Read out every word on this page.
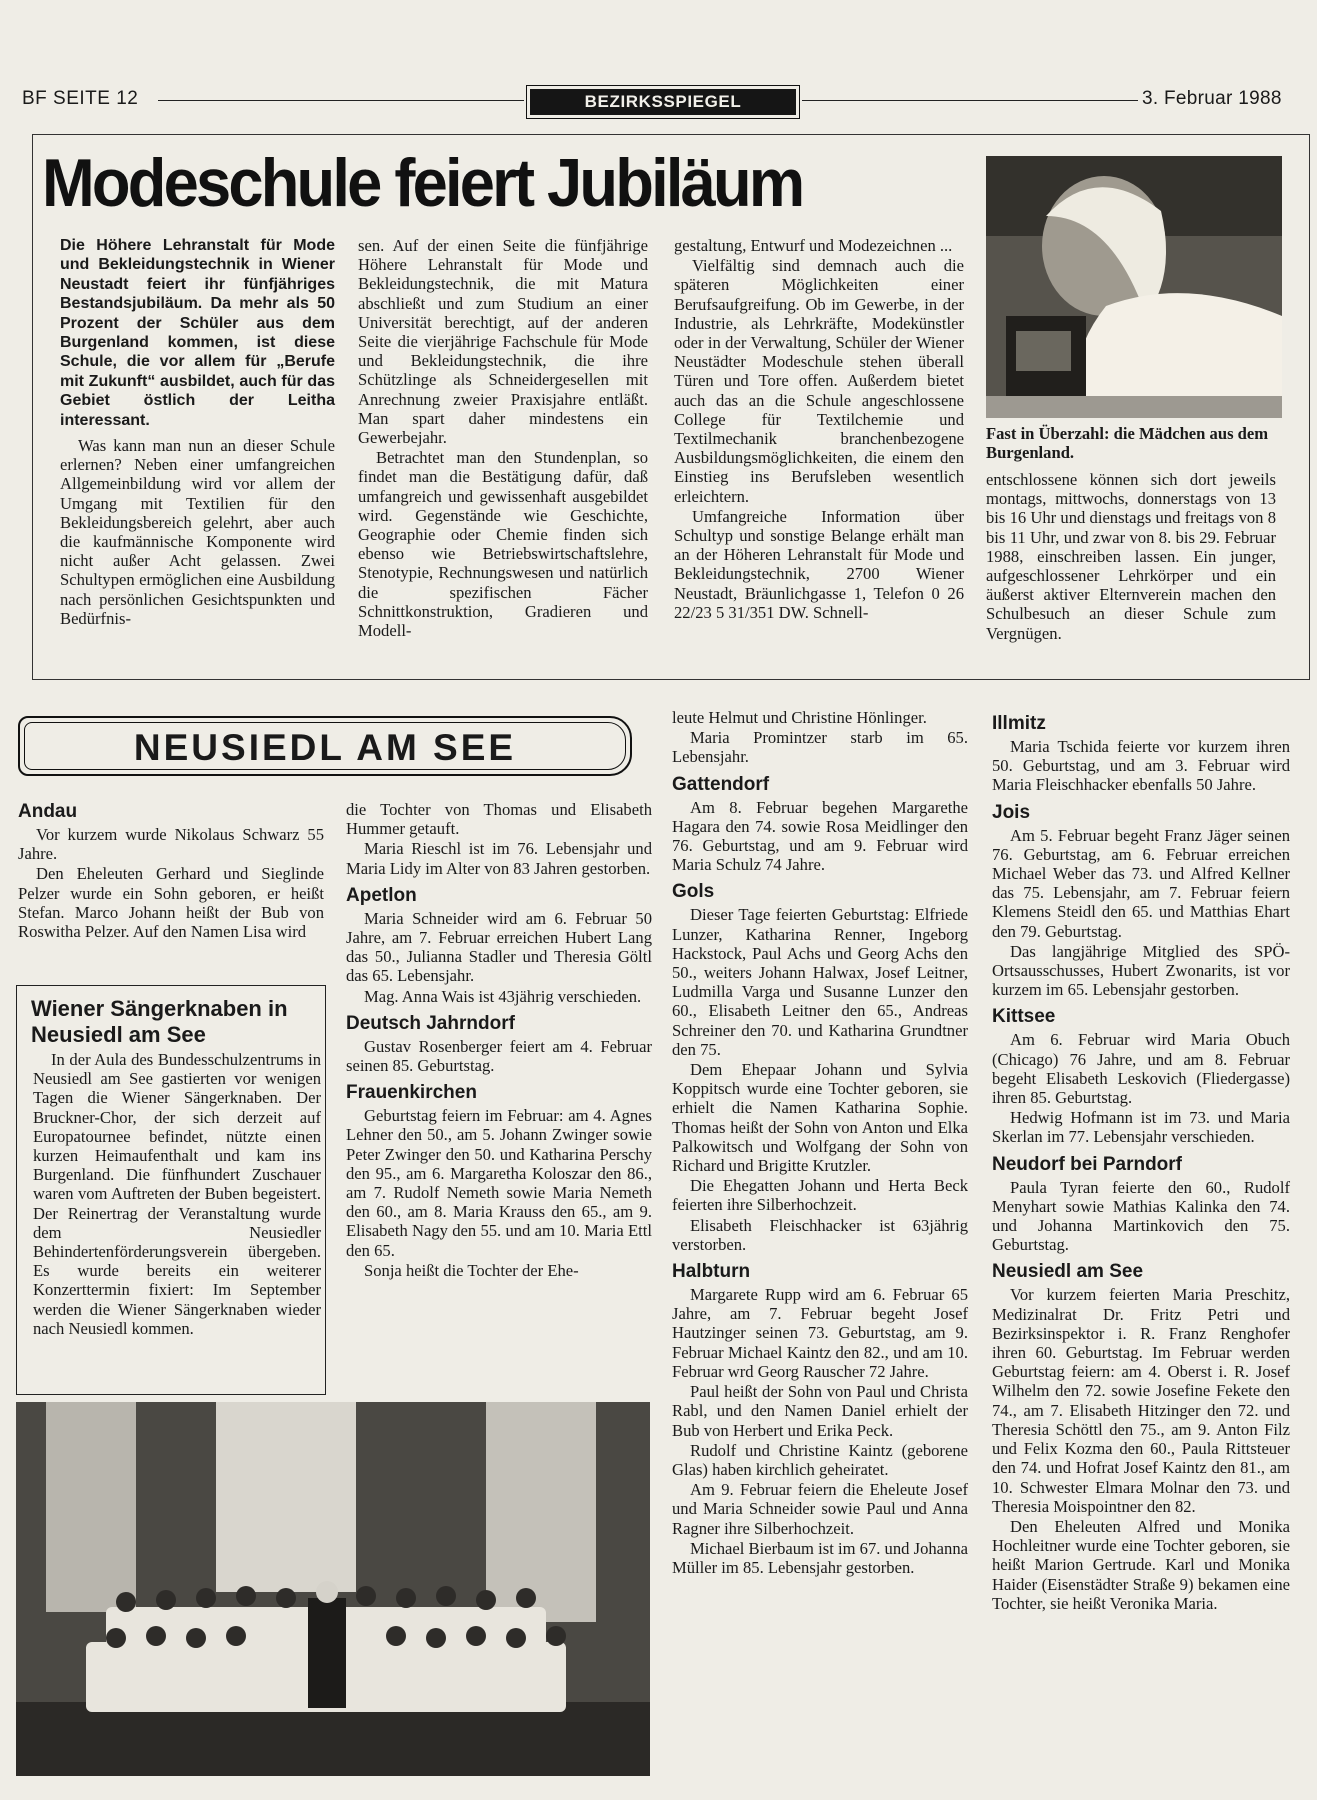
BF SEITE 12	BEZIRKSSPIEGEL	3. Februar 1988
Modeschule feiert Jubiläum

Die Höhere Lehranstalt für Mode und Bekleidungstechnik in Wiener Neustadt feiert ihr fünfjähriges Bestandsjubiläum. Da mehr als 50 Prozent der Schüler aus dem Burgenland kommen, ist diese Schule, die vor allem für „Berufe mit Zukunft“ ausbildet, auch für das Gebiet östlich der Leitha interessant.

Was kann man nun an dieser Schule erlernen? Neben einer umfangreichen Allgemeinbildung wird vor allem der Umgang mit Textilien für den Bekleidungsbereich gelehrt, aber auch die kaufmännische Komponente wird nicht außer Acht gelassen. Zwei Schultypen ermöglichen eine Ausbildung nach persönlichen Gesichtspunkten und Bedürfnis-

sen. Auf der einen Seite die fünfjährige Höhere Lehranstalt für Mode und Bekleidungstechnik, die mit Matura abschließt und zum Studium an einer Universität berechtigt, auf der anderen Seite die vierjährige Fachschule für Mode und Bekleidungstechnik, die ihre Schützlinge als Schneidergesellen mit Anrechnung zweier Praxisjahre entläßt. Man spart daher mindestens ein Gewerbejahr.

Betrachtet man den Stundenplan, so findet man die Bestätigung dafür, daß umfangreich und gewissenhaft ausgebildet wird. Gegenstände wie Geschichte, Geographie oder Chemie finden sich ebenso wie Betriebswirtschaftslehre, Stenotypie, Rechnungswesen und natürlich die spezifischen Fächer Schnittkonstruktion, Gradieren und Modell-

gestaltung, Entwurf und Modezeichnen ...

Vielfältig sind demnach auch die späteren Möglichkeiten einer Berufsaufgreifung. Ob im Gewerbe, in der Industrie, als Lehrkräfte, Modekünstler oder in der Verwaltung, Schüler der Wiener Neustädter Modeschule stehen überall Türen und Tore offen. Außerdem bietet auch das an die Schule angeschlossene College für Textilchemie und Textilmechanik branchenbezogene Ausbildungsmöglichkeiten, die einem den Einstieg ins Berufsleben wesentlich erleichtern.

Umfangreiche Information über Schultyp und sonstige Belange erhält man an der Höheren Lehranstalt für Mode und Bekleidungstechnik, 2700 Wiener Neustadt, Bräunlichgasse 1, Telefon 0 26 22/23 5 31/351 DW. Schnell-

Fast in Überzahl: die Mädchen aus dem Burgenland.

entschlossene können sich dort jeweils montags, mittwochs, donnerstags von 13 bis 16 Uhr und dienstags und freitags von 8 bis 11 Uhr, und zwar von 8. bis 29. Februar 1988, einschreiben lassen. Ein junger, aufgeschlossener Lehrkörper und ein äußerst aktiver Elternverein machen den Schulbesuch an dieser Schule zum Vergnügen.

NEUSIEDL AM SEE
Andau

Vor kurzem wurde Nikolaus Schwarz 55 Jahre.

Den Eheleuten Gerhard und Sieglinde Pelzer wurde ein Sohn geboren, er heißt Stefan. Marco Johann heißt der Bub von Roswitha Pelzer. Auf den Namen Lisa wird

Wiener Sängerknaben in Neusiedl am See

In der Aula des Bundesschulzentrums in Neusiedl am See gastierten vor wenigen Tagen die Wiener Sängerknaben. Der Bruckner-Chor, der sich derzeit auf Europatournee befindet, nützte einen kurzen Heimaufenthalt und kam ins Burgenland. Die fünfhundert Zuschauer waren vom Auftreten der Buben begeistert. Der Reinertrag der Veranstaltung wurde dem Neusiedler Behindertenförderungsverein übergeben. Es wurde bereits ein weiterer Konzerttermin fixiert: Im September werden die Wiener Sängerknaben wieder nach Neusiedl kommen.

die Tochter von Thomas und Elisabeth Hummer getauft.

Maria Rieschl ist im 76. Lebensjahr und Maria Lidy im Alter von 83 Jahren gestorben.

Apetlon

Maria Schneider wird am 6. Februar 50 Jahre, am 7. Februar erreichen Hubert Lang das 50., Julianna Stadler und Theresia Göltl das 65. Lebensjahr.

Mag. Anna Wais ist 43jährig verschieden.

Deutsch Jahrndorf

Gustav Rosenberger feiert am 4. Februar seinen 85. Geburtstag.

Frauenkirchen

Geburtstag feiern im Februar: am 4. Agnes Lehner den 50., am 5. Johann Zwinger sowie Peter Zwinger den 50. und Katharina Perschy den 95., am 6. Margaretha Koloszar den 86., am 7. Rudolf Nemeth sowie Maria Nemeth den 60., am 8. Maria Krauss den 65., am 9. Elisabeth Nagy den 55. und am 10. Maria Ettl den 65.

Sonja heißt die Tochter der Ehe-

leute Helmut und Christine Hönlinger.

Maria Promintzer starb im 65. Lebensjahr.

Gattendorf

Am 8. Februar begehen Margarethe Hagara den 74. sowie Rosa Meidlinger den 76. Geburtstag, und am 9. Februar wird Maria Schulz 74 Jahre.

Gols

Dieser Tage feierten Geburtstag: Elfriede Lunzer, Katharina Renner, Ingeborg Hackstock, Paul Achs und Georg Achs den 50., weiters Johann Halwax, Josef Leitner, Ludmilla Varga und Susanne Lunzer den 60., Elisabeth Leitner den 65., Andreas Schreiner den 70. und Katharina Grundtner den 75.

Dem Ehepaar Johann und Sylvia Koppitsch wurde eine Tochter geboren, sie erhielt die Namen Katharina Sophie. Thomas heißt der Sohn von Anton und Elka Palkowitsch und Wolfgang der Sohn von Richard und Brigitte Krutzler.

Die Ehegatten Johann und Herta Beck feierten ihre Silberhochzeit.

Elisabeth Fleischhacker ist 63jährig verstorben.

Halbturn

Margarete Rupp wird am 6. Februar 65 Jahre, am 7. Februar begeht Josef Hautzinger seinen 73. Geburtstag, am 9. Februar Michael Kaintz den 82., und am 10. Februar wrd Georg Rauscher 72 Jahre.

Paul heißt der Sohn von Paul und Christa Rabl, und den Namen Daniel erhielt der Bub von Herbert und Erika Peck.

Rudolf und Christine Kaintz (geborene Glas) haben kirchlich geheiratet.

Am 9. Februar feiern die Eheleute Josef und Maria Schneider sowie Paul und Anna Ragner ihre Silberhochzeit.

Michael Bierbaum ist im 67. und Johanna Müller im 85. Lebensjahr gestorben.

Illmitz

Maria Tschida feierte vor kurzem ihren 50. Geburtstag, und am 3. Februar wird Maria Fleischhacker ebenfalls 50 Jahre.

Jois

Am 5. Februar begeht Franz Jäger seinen 76. Geburtstag, am 6. Februar erreichen Michael Weber das 73. und Alfred Kellner das 75. Lebensjahr, am 7. Februar feiern Klemens Steidl den 65. und Matthias Ehart den 79. Geburtstag.

Das langjährige Mitglied des SPÖ-Ortsausschusses, Hubert Zwonarits, ist vor kurzem im 65. Lebensjahr gestorben.

Kittsee

Am 6. Februar wird Maria Obuch (Chicago) 76 Jahre, und am 8. Februar begeht Elisabeth Leskovich (Fliedergasse) ihren 85. Geburtstag.

Hedwig Hofmann ist im 73. und Maria Skerlan im 77. Lebensjahr verschieden.

Neudorf bei Parndorf

Paula Tyran feierte den 60., Rudolf Menyhart sowie Mathias Kalinka den 74. und Johanna Martinkovich den 75. Geburtstag.

Neusiedl am See

Vor kurzem feierten Maria Preschitz, Medizinalrat Dr. Fritz Petri und Bezirksinspektor i. R. Franz Renghofer ihren 60. Geburtstag. Im Februar werden Geburtstag feiern: am 4. Oberst i. R. Josef Wilhelm den 72. sowie Josefine Fekete den 74., am 7. Elisabeth Hitzinger den 72. und Theresia Schöttl den 75., am 9. Anton Filz und Felix Kozma den 60., Paula Rittsteuer den 74. und Hofrat Josef Kaintz den 81., am 10. Schwester Elmara Molnar den 73. und Theresia Moispointner den 82.

Den Eheleuten Alfred und Monika Hochleitner wurde eine Tochter geboren, sie heißt Marion Gertrude. Karl und Monika Haider (Eisenstädter Straße 9) bekamen eine Tochter, sie heißt Veronika Maria.
